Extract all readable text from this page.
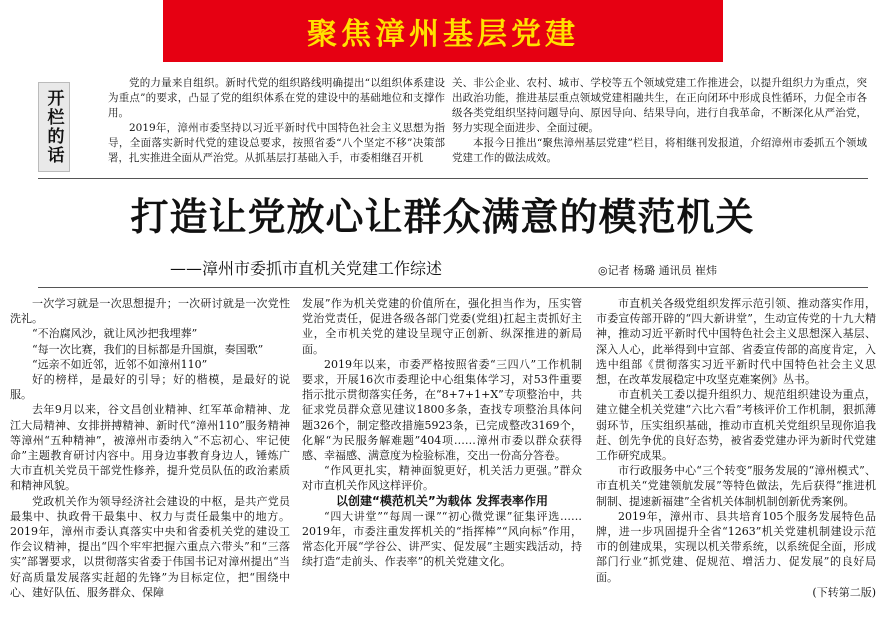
聚焦漳州基层党建
开栏的话

党的力量来自组织。新时代党的组织路线明确提出“以组织体系建设为重点”的要求，凸显了党的组织体系在党的建设中的基础地位和支撑作用。

2019年，漳州市委坚持以习近平新时代中国特色社会主义思想为指导，全面落实新时代党的建设总要求，按照省委“八个坚定不移”决策部署，扎实推进全面从严治党。从抓基层打基础入手，市委相继召开机

关、非公企业、农村、城市、学校等五个领域党建工作推进会，以提升组织力为重点，突出政治功能，推进基层重点领域党建相融共生，在正向闭环中形成良性循环，力促全市各级各类党组织坚持问题导向、原因导向、结果导向，进行自我革命，不断深化从严治党，努力实现全面进步、全面过硬。

本报今日推出“聚焦漳州基层党建”栏目，将相继刊发报道，介绍漳州市委抓五个领域党建工作的做法成效。

打造让党放心让群众满意的模范机关
——漳州市委抓市直机关党建工作综述	◎记者 杨璐 通讯员 崔炜

一次学习就是一次思想提升；一次研讨就是一次党性洗礼。

“不治腐风沙，就让风沙把我埋葬”

“每一次比赛，我们的目标都是升国旗，奏国歌”

“远亲不如近邻，近邻不如漳州110”

好的榜样，是最好的引导；好的楷模，是最好的说服。

去年9月以来，谷文昌创业精神、红军革命精神、龙江大局精神、女排拼搏精神、新时代“漳州110”服务精神等漳州“五种精神”，被漳州市委纳入“不忘初心、牢记使命”主题教育研讨内容中。用身边事教育身边人，锤炼广大市直机关党员干部党性修养，提升党员队伍的政治素质和精神风貌。

党政机关作为领导经济社会建设的中枢，是共产党员最集中、执政骨干最集中、权力与责任最集中的地方。2019年，漳州市委认真落实中央和省委机关党的建设工作会议精神，提出“四个牢牢把握六重点六带头”和“三落实”部署要求，以贯彻落实省委于伟国书记对漳州提出“当好高质量发展落实赶超的先锋”为目标定位，把“围绕中心、建好队伍、服务群众、保障

发展”作为机关党建的价值所在，强化担当作为，压实管党治党责任，促进各级各部门党委(党组)扛起主责抓好主业，全市机关党的建设呈现守正创新、纵深推进的新局面。

2019年以来，市委严格按照省委“三四八”工作机制要求，开展16次市委理论中心组集体学习，对53件重要指示批示贯彻落实任务，在“8+7+1+X”专项整治中，共征求党员群众意见建议1800多条，查找专项整治具体问题326个，制定整改措施5923条，已完成整改3169个，化解“为民服务解难题”404项……漳州市委以群众获得感、幸福感、满意度为检验标准，交出一份高分答卷。

“作风更扎实，精神面貌更好，机关活力更强。”群众对市直机关作风这样评价。

以创建“模范机关”为载体 发挥表率作用

“四大讲堂”“每周一课”“初心微党课”征集评选……2019年，市委注重发挥机关的“指挥棒”“风向标”作用，常态化开展“学谷公、讲严实、促发展”主题实践活动，持续打造“走前头、作表率”的机关党建文化。

市直机关各级党组织发挥示范引领、推动落实作用，市委宣传部开辟的“四大新讲堂”，生动宣传党的十九大精神，推动习近平新时代中国特色社会主义思想深入基层、深入人心，此举得到中宣部、省委宣传部的高度肯定，入选中组部《贯彻落实习近平新时代中国特色社会主义思想，在改革发展稳定中攻坚克难案例》丛书。

市直机关工委以提升组织力、规范组织建设为重点，建立健全机关党建“六比六看”考核评价工作机制，狠抓薄弱环节，压实组织基础，推动市直机关党组织呈现你追我赶、创先争优的良好态势，被省委党建办评为新时代党建工作研究成果。

市行政服务中心“三个转变”服务发展的“漳州模式”、市直机关“党建领航发展”等特色做法，先后获得“推进机制制、提速新福建”全省机关体制机制创新优秀案例。

2019年，漳州市、县共培育105个服务发展特色品牌，进一步巩固提升全省“1263”机关党建机制建设示范市的创建成果，实现以机关带系统，以系统促全面，形成部门行业“抓党建、促规范、增活力、促发展”的良好局面。

(下转第二版)
